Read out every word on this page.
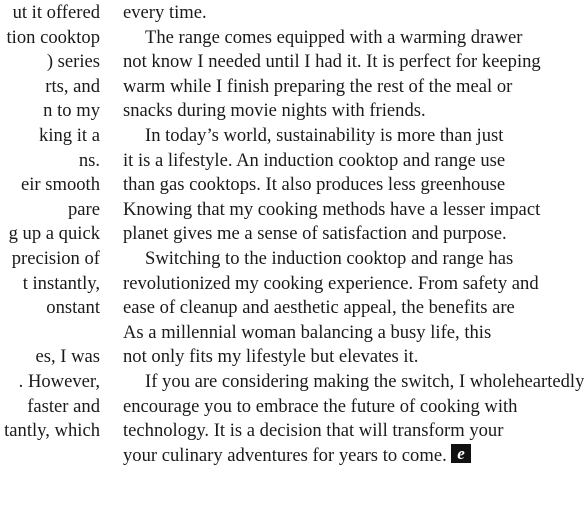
ut it offered
tion cooktop
) series
rts, and
n to my
king it a
ns.
eir smooth
pare
g up a quick
precision of
t instantly,
onstant
es, I was
. However,
faster and
tantly, which
every time.
The range comes equipped with a warming drawer
not know I needed until I had it. It is perfect for keeping
warm while I finish preparing the rest of the meal or
snacks during movie nights with friends.
In today’s world, sustainability is more than just
it is a lifestyle. An induction cooktop and range use
than gas cooktops. It also produces less greenhouse
Knowing that my cooking methods have a lesser impact
planet gives me a sense of satisfaction and purpose.
Switching to the induction cooktop and range has
revolutionized my cooking experience. From safety and
ease of cleanup and aesthetic appeal, the benefits are
As a millennial woman balancing a busy life, this
not only fits my lifestyle but elevates it.
If you are considering making the switch, I wholeheartedly
encourage you to embrace the future of cooking with
technology. It is a decision that will transform your
your culinary adventures for years to come. e
